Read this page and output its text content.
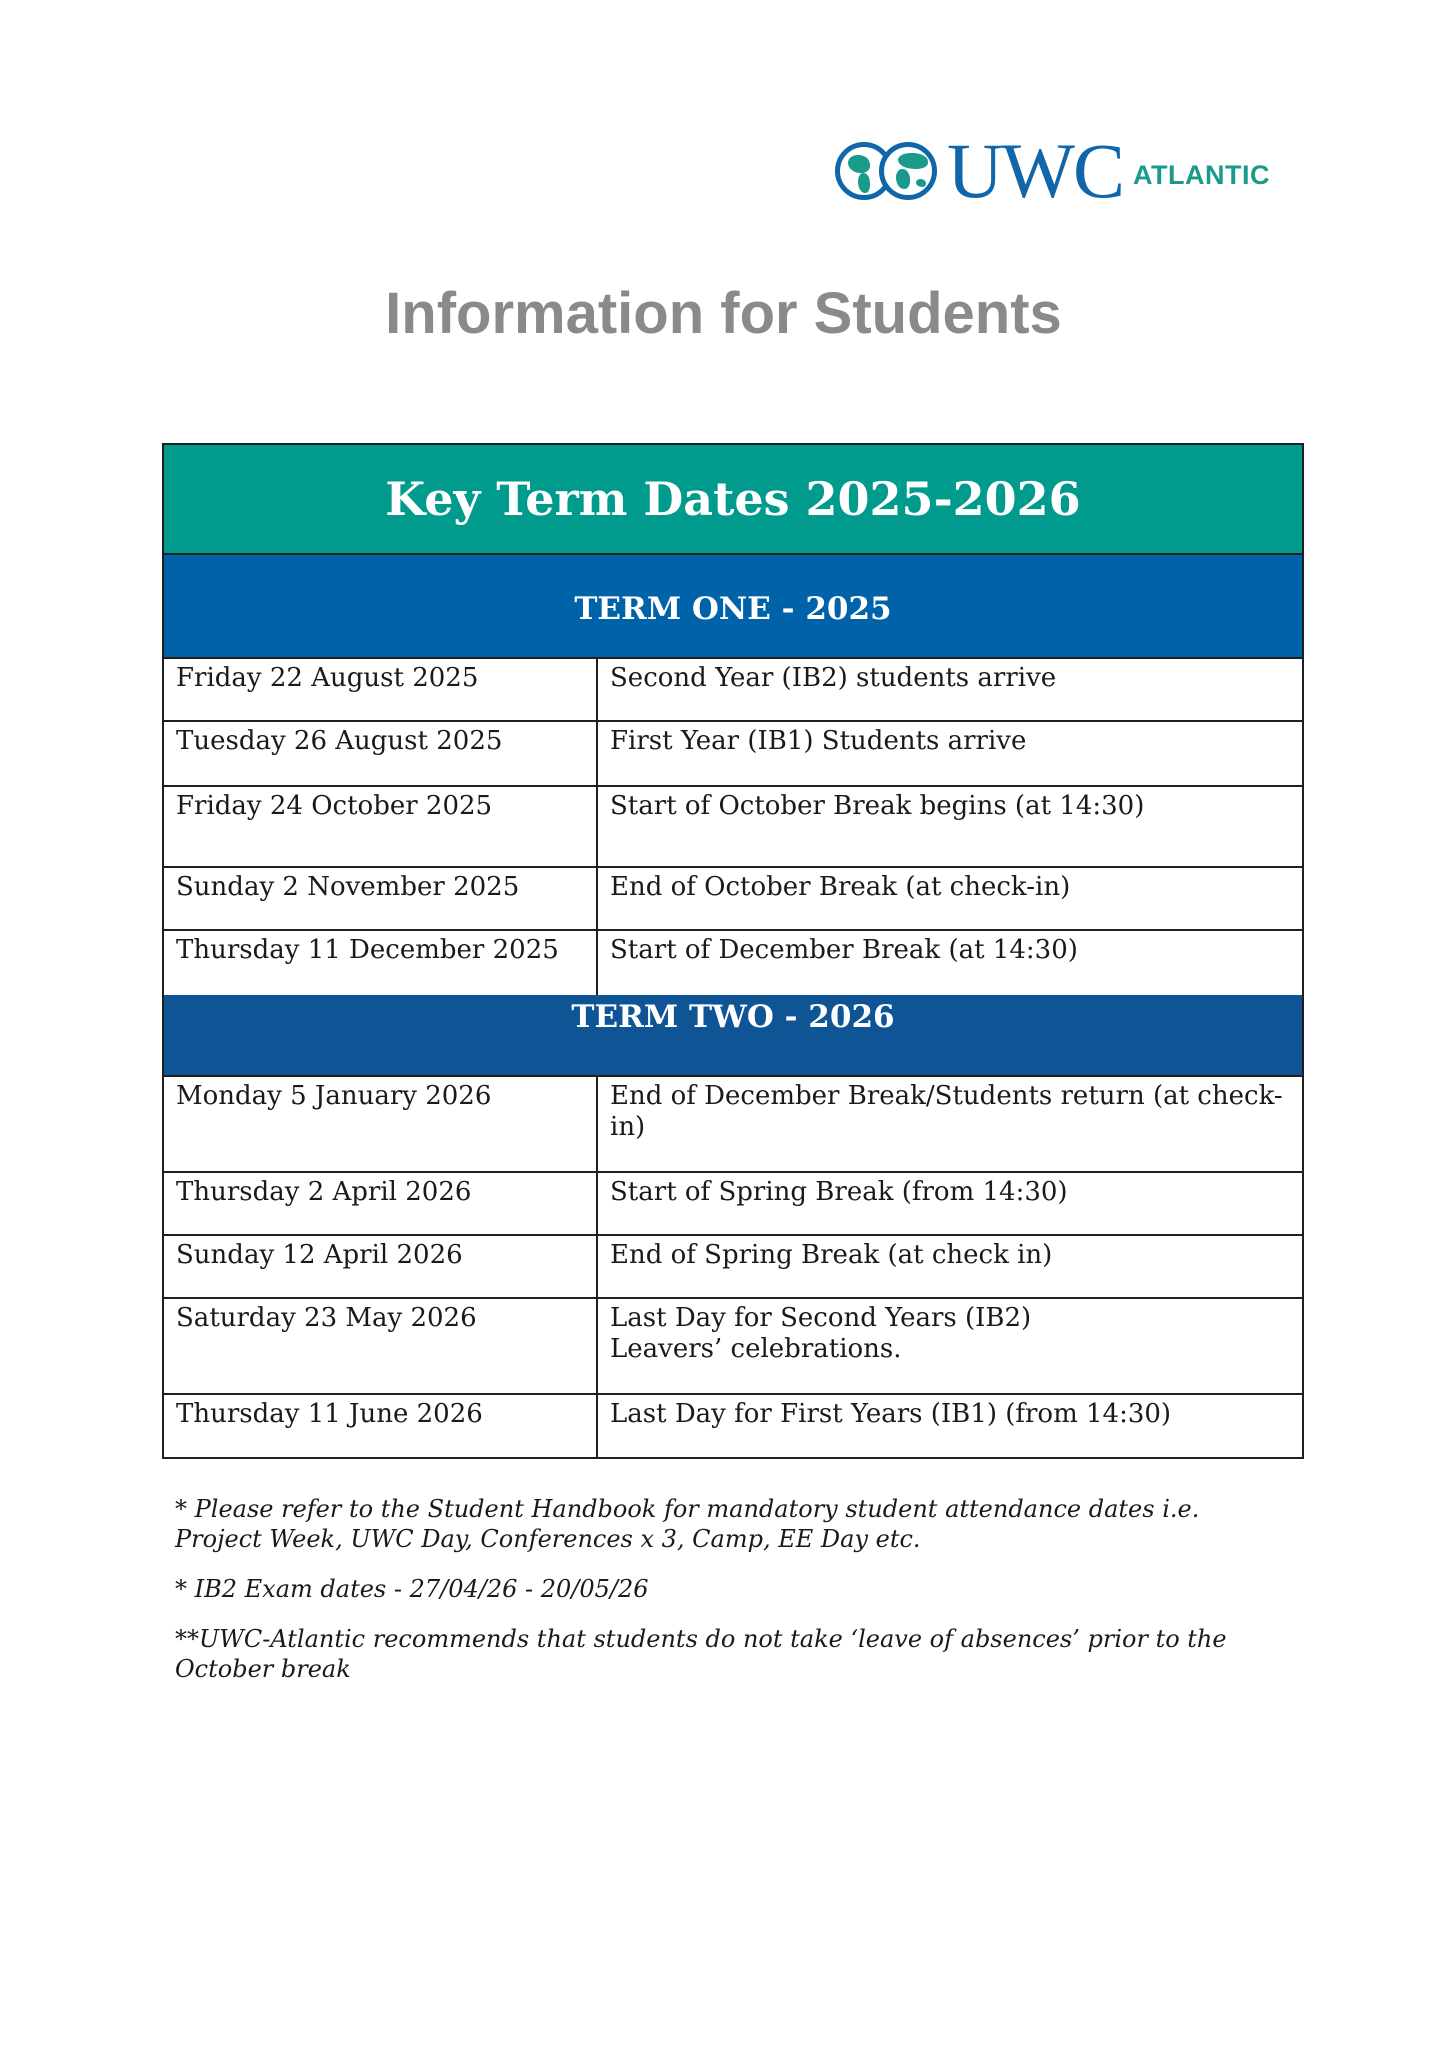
UWC ATLANTIC
Information for Students
Key Term Dates 2025-2026
TERM ONE - 2025
Friday 22 August 2025	Second Year (IB2) students arrive
Tuesday 26 August 2025	First Year (IB1) Students arrive
Friday 24 October 2025	Start of October Break begins (at 14:30)
Sunday 2 November 2025	End of October Break (at check-in)
Thursday 11 December 2025	Start of December Break (at 14:30)
TERM TWO - 2026
Monday 5 January 2026	End of December Break/Students return (at check-in)
Thursday 2 April 2026	Start of Spring Break (from 14:30)
Sunday 12 April 2026	End of Spring Break (at check in)
Saturday 23 May 2026	Last Day for Second Years (IB2)
Leavers’ celebrations.
Thursday 11 June 2026	Last Day for First Years (IB1) (from 14:30)

* Please refer to the Student Handbook for mandatory student attendance dates i.e. Project Week, UWC Day, Conferences x 3, Camp, EE Day etc.

* IB2 Exam dates - 27/04/26 - 20/05/26

**UWC-Atlantic recommends that students do not take ‘leave of absences’ prior to the October break
